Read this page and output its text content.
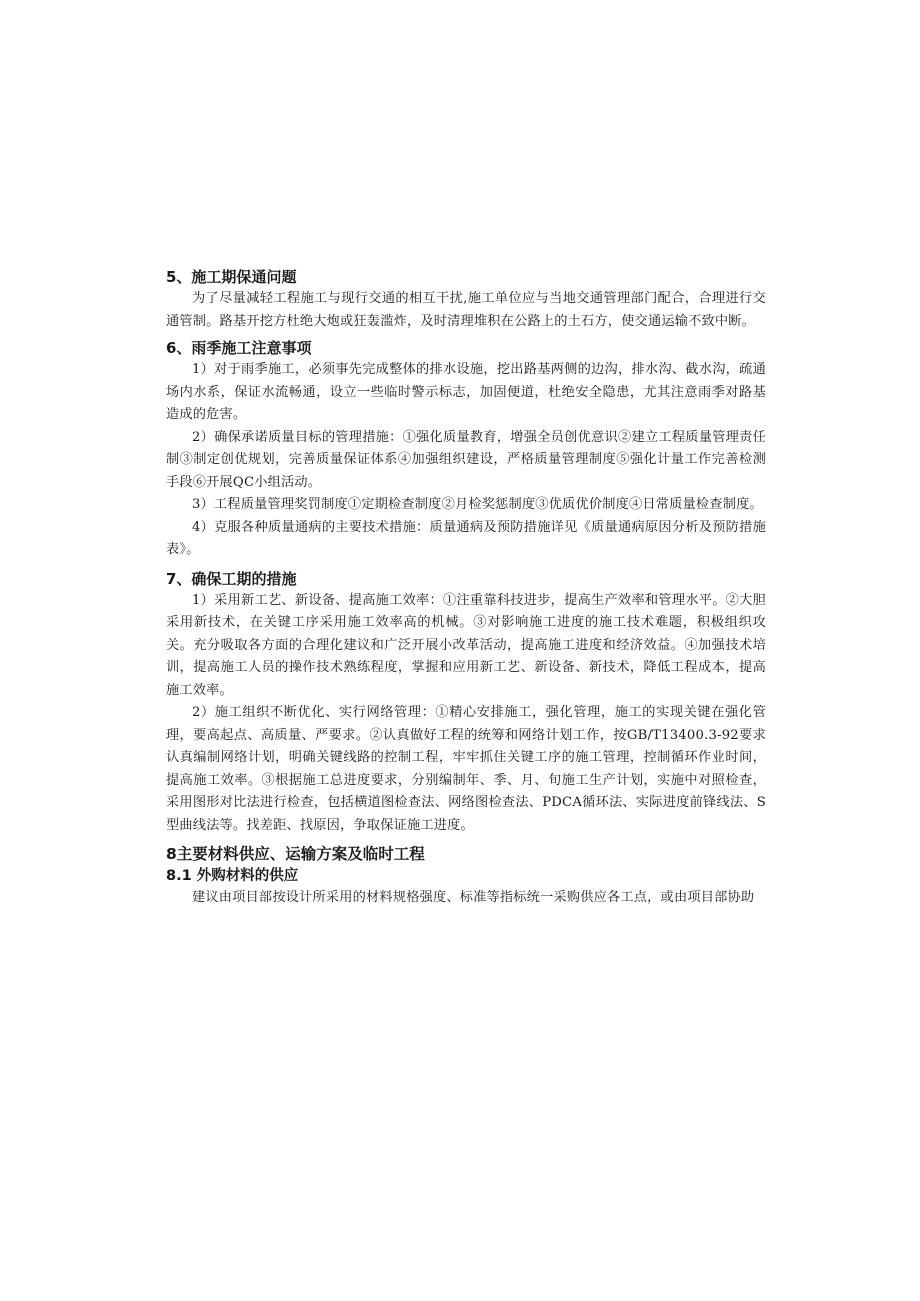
5、施工期保通问题

为了尽量减轻工程施工与现行交通的相互干扰,施工单位应与当地交通管理部门配合，合理进行交通管制。路基开挖方杜绝大炮或狂轰滥炸，及时清理堆积在公路上的土石方，使交通运输不致中断。

6、雨季施工注意事项

1）对于雨季施工，必须事先完成整体的排水设施，挖出路基两侧的边沟，排水沟、截水沟，疏通场内水系，保证水流畅通，设立一些临时警示标志，加固便道，杜绝安全隐患，尤其注意雨季对路基造成的危害。

2）确保承诺质量目标的管理措施：①强化质量教育，增强全员创优意识②建立工程质量管理责任制③制定创优规划，完善质量保证体系④加强组织建设，严格质量管理制度⑤强化计量工作完善检测手段⑥开展QC小组活动。

3）工程质量管理奖罚制度①定期检查制度②月检奖惩制度③优质优价制度④日常质量检查制度。

4）克服各种质量通病的主要技术措施：质量通病及预防措施详见《质量通病原因分析及预防措施表》。

7、确保工期的措施

1）采用新工艺、新设备、提高施工效率：①注重靠科技进步，提高生产效率和管理水平。②大胆采用新技术，在关键工序采用施工效率高的机械。③对影响施工进度的施工技术难题，积极组织攻关。充分吸取各方面的合理化建议和广泛开展小改革活动，提高施工进度和经济效益。④加强技术培训，提高施工人员的操作技术熟练程度，掌握和应用新工艺、新设备、新技术，降低工程成本，提高施工效率。

2）施工组织不断优化、实行网络管理：①精心安排施工，强化管理，施工的实现关键在强化管理，要高起点、高质量、严要求。②认真做好工程的统筹和网络计划工作，按GB/T13400.3-92要求认真编制网络计划，明确关键线路的控制工程，牢牢抓住关键工序的施工管理，控制循环作业时间，提高施工效率。③根据施工总进度要求，分别编制年、季、月、旬施工生产计划，实施中对照检查，采用图形对比法进行检查，包括横道图检查法、网络图检查法、PDCA循环法、实际进度前锋线法、S型曲线法等。找差距、找原因，争取保证施工进度。

8主要材料供应、运输方案及临时工程
8.1 外购材料的供应

建议由项目部按设计所采用的材料规格强度、标准等指标统一采购供应各工点，或由项目部协助
